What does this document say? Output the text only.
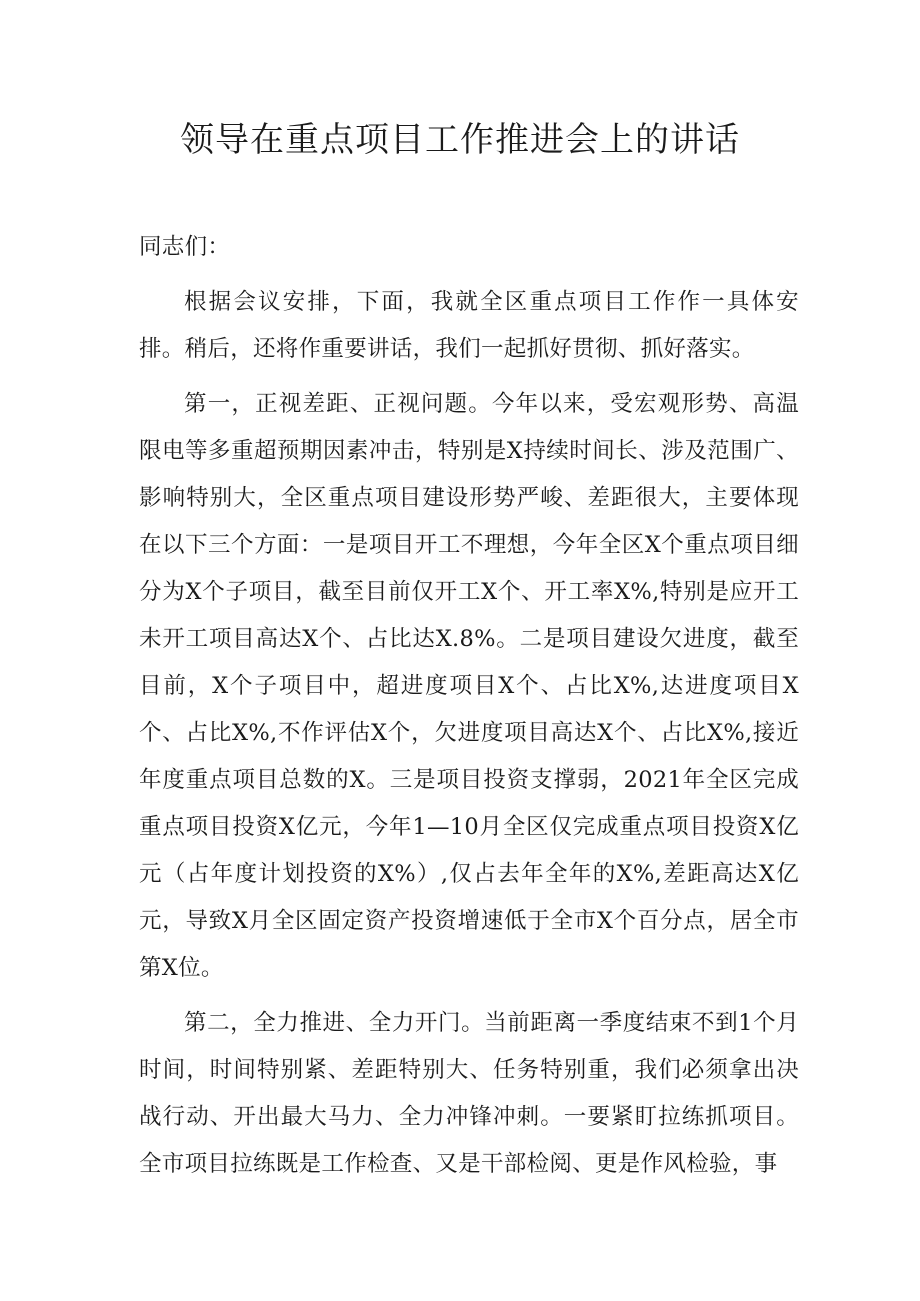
领导在重点项目工作推进会上的讲话

同志们：

根据会议安排，下面，我就全区重点项目工作作一具体安排。稍后，还将作重要讲话，我们一起抓好贯彻、抓好落实。

第一，正视差距、正视问题。今年以来，受宏观形势、高温限电等多重超预期因素冲击，特别是X持续时间长、涉及范围广、影响特别大，全区重点项目建设形势严峻、差距很大，主要体现在以下三个方面：一是项目开工不理想，今年全区X个重点项目细分为X个子项目，截至目前仅开工X个、开工率X%,特别是应开工未开工项目高达X个、占比达X.8%。二是项目建设欠进度，截至目前，X个子项目中，超进度项目X个、占比X%,达进度项目X个、占比X%,不作评估X个，欠进度项目高达X个、占比X%,接近年度重点项目总数的X。三是项目投资支撑弱，2021年全区完成重点项目投资X亿元，今年1—10月全区仅完成重点项目投资X亿元（占年度计划投资的X%）,仅占去年全年的X%,差距高达X亿元，导致X月全区固定资产投资增速低于全市X个百分点，居全市第X位。

第二，全力推进、全力开门。当前距离一季度结束不到1个月时间，时间特别紧、差距特别大、任务特别重，我们必须拿出决战行动、开出最大马力、全力冲锋冲刺。一要紧盯拉练抓项目。全市项目拉练既是工作检查、又是干部检阅、更是作风检验，事
